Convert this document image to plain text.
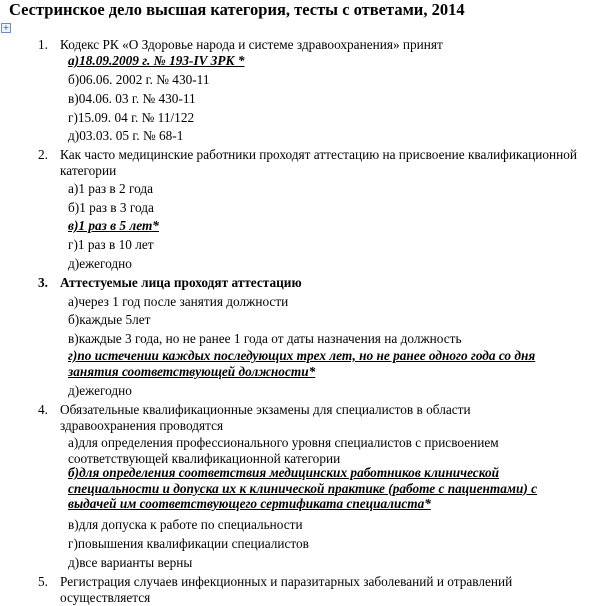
Сестринское дело высшая категория, тесты с ответами, 2014
+
1. Кодекс РК «О Здоровье народа и системе здравоохранения» принят
а)18.09.2009 г. № 193-IV ЗРК *
б)06.06. 2002 г. № 430-11
в)04.06. 03 г. № 430-11
г)15.09. 04 г. № 11/122
д)03.03. 05 г. № 68-1
2. Как часто медицинские работники проходят аттестацию на присвоение квалификационной категории
а)1 раз в 2 года
б)1 раз в 3 года
в)1 раз в 5 лет*
г)1 раз в 10 лет
д)ежегодно
3. Аттестуемые лица проходят аттестацию
а)через 1 год после занятия должности
б)каждые 5лет
в)каждые 3 года, но не ранее 1 года от даты назначения на должность
г)по истечении каждых последующих трех лет, но не ранее одного года со дня занятия соответствующей должности*
д)ежегодно
4. Обязательные квалификационные экзамены для специалистов в области здравоохранения проводятся
а)для определения профессионального уровня специалистов с присвоением соответствующей квалификационной категории
б)для определения соответствия медицинских работников клинической специальности и допуска их к клинической практике (работе с пациентами) с выдачей им соответствующего сертификата специалиста*
в)для допуска к работе по специальности
г)повышения квалификации специалистов
д)все варианты верны
5. Регистрация случаев инфекционных и паразитарных заболеваний и отравлений осуществляется
